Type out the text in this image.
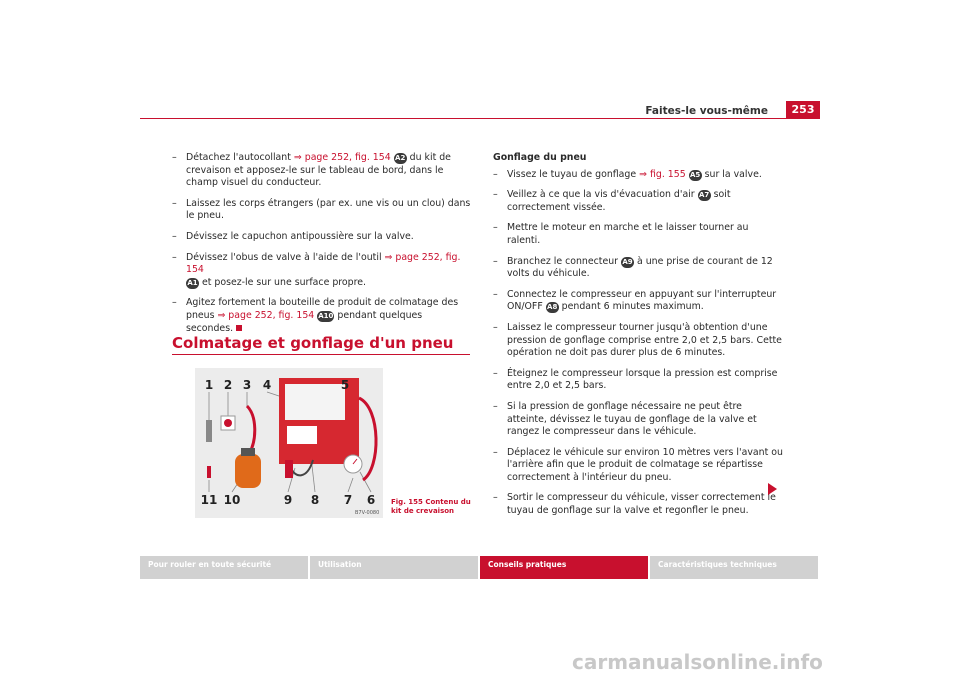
Faites-le vous-même	253
– Détachez l'autocollant ⇒ page 252, fig. 154 A2 du kit de crevaison et apposez-le sur le tableau de bord, dans le champ visuel du conducteur.
– Laissez les corps étrangers (par ex. une vis ou un clou) dans le pneu.
– Dévissez le capuchon antipoussière sur la valve.
– Dévissez l'obus de valve à l'aide de l'outil ⇒ page 252, fig. 154
A1 et posez-le sur une surface propre.
– Agitez fortement la bouteille de produit de colmatage des pneus ⇒ page 252, fig. 154 A10 pendant quelques secondes.
Colmatage et gonflage d'un pneu
1 2 3 4	5
11 10	9 8 7 6
B7V-0080
Fig. 155 Contenu du kit de crevaison
Gonflage du pneu
– Vissez le tuyau de gonflage ⇒ fig. 155 A5 sur la valve.
– Veillez à ce que la vis d'évacuation d'air A7 soit correctement vissée.
– Mettre le moteur en marche et le laisser tourner au ralenti.
– Branchez le connecteur A9 à une prise de courant de 12 volts du véhicule.
– Connectez le compresseur en appuyant sur l'interrupteur ON/OFF A8 pendant 6 minutes maximum.
– Laissez le compresseur tourner jusqu'à obtention d'une pression de gonflage comprise entre 2,0 et 2,5 bars. Cette opération ne doit pas durer plus de 6 minutes.
– Éteignez le compresseur lorsque la pression est comprise entre 2,0 et 2,5 bars.
– Si la pression de gonflage nécessaire ne peut être atteinte, dévissez le tuyau de gonflage de la valve et rangez le compresseur dans le véhicule.
– Déplacez le véhicule sur environ 10 mètres vers l'avant ou l'arrière afin que le produit de colmatage se répartisse correctement à l'intérieur du pneu.
– Sortir le compresseur du véhicule, visser correctement le tuyau de gonflage sur la valve et regonfler le pneu.
Pour rouler en toute sécurité	Utilisation	Conseils pratiques	Caractéristiques techniques
carmanualsonline.info
